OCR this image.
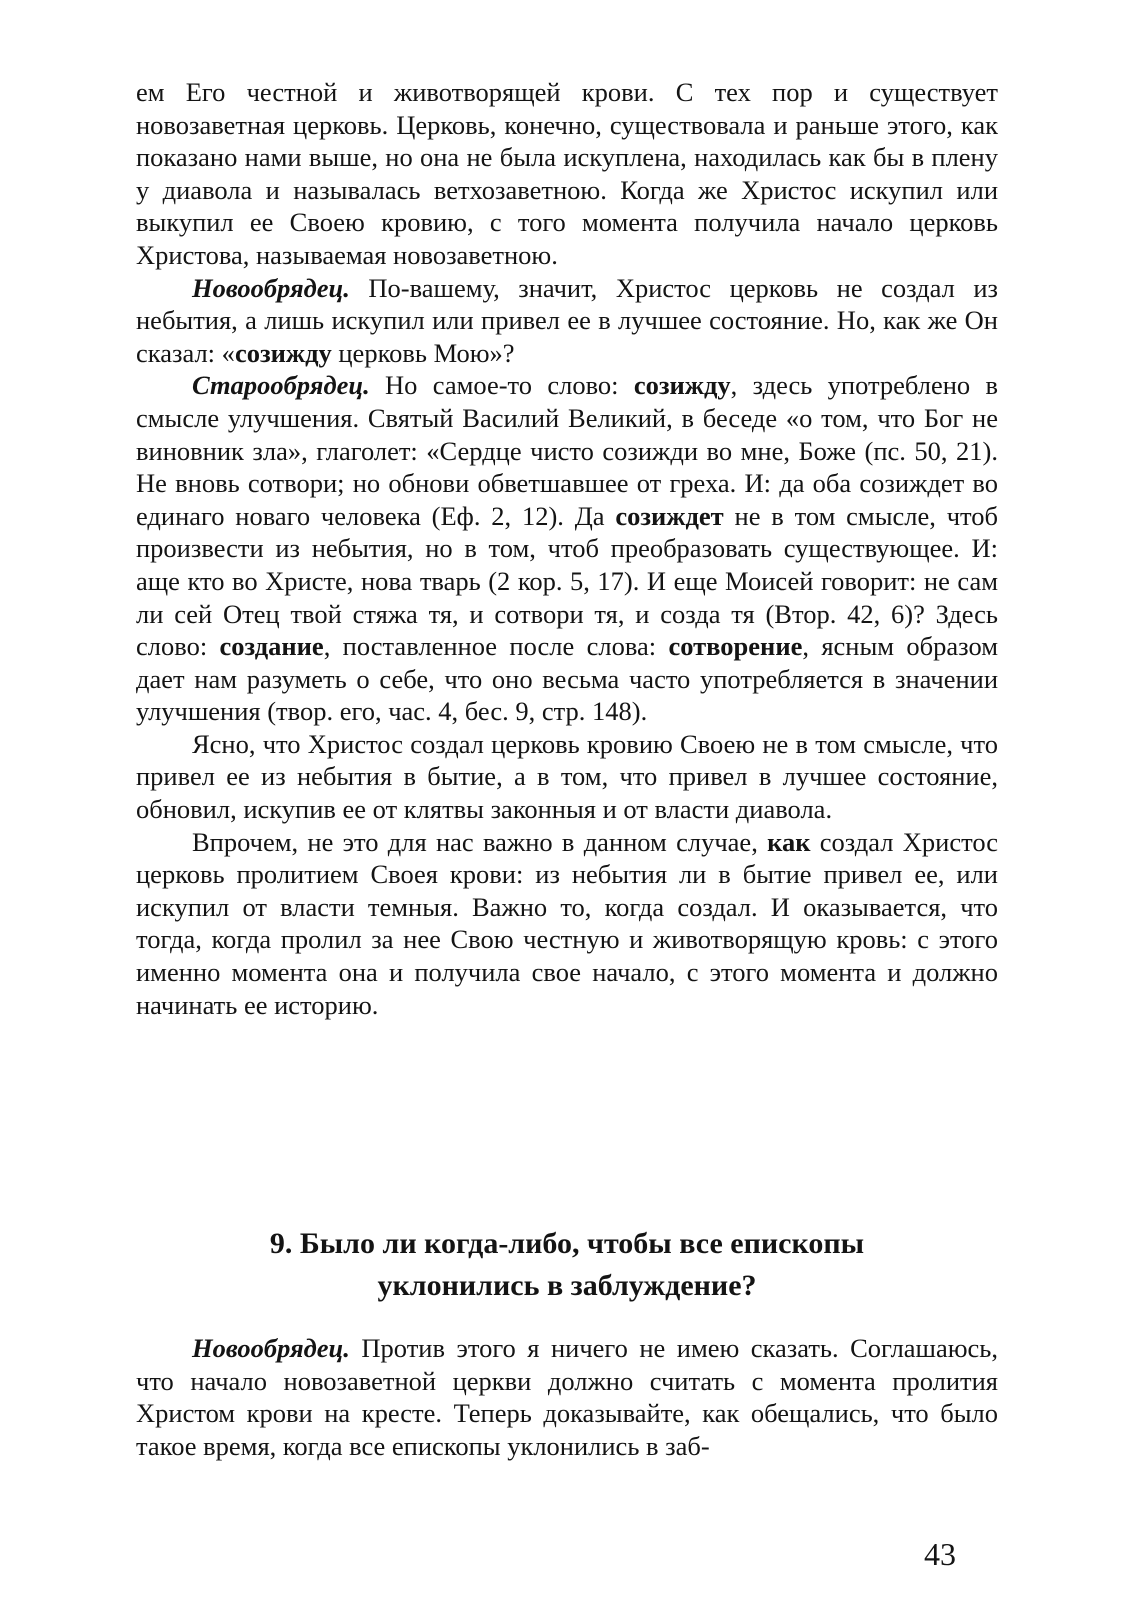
ем Его честной и животворящей крови. С тех пор и существует новозаветная церковь. Церковь, конечно, существовала и раньше этого, как показано нами выше, но она не была искуплена, находилась как бы в плену у диавола и называлась ветхозаветною. Когда же Христос искупил или выкупил ее Своею кровию, с того момента получила начало церковь Христова, называемая новозаветною.

Новообрядец. По-вашему, значит, Христос церковь не создал из небытия, а лишь искупил или привел ее в лучшее состояние. Но, как же Он сказал: «созижду церковь Мою»?

Старообрядец. Но самое-то слово: созижду, здесь употреблено в смысле улучшения. Святый Василий Великий, в беседе «о том, что Бог не виновник зла», глаголет: «Сердце чисто созижди во мне, Боже (пс. 50, 21). Не вновь сотвори; но обнови обветшавшее от греха. И: да оба созиждет во единаго новаго человека (Еф. 2, 12). Да созиждет не в том смысле, чтоб произвести из небытия, но в том, чтоб преобразовать существующее. И: аще кто во Христе, нова тварь (2 кор. 5, 17). И еще Моисей говорит: не сам ли сей Отец твой стяжа тя, и сотвори тя, и созда тя (Втор. 42, 6)? Здесь слово: создание, поставленное после слова: сотворение, ясным образом дает нам разуметь о себе, что оно весьма часто употребляется в значении улучшения (твор. его, час. 4, бес. 9, стр. 148).

Ясно, что Христос создал церковь кровию Своею не в том смысле, что привел ее из небытия в бытие, а в том, что привел в лучшее состояние, обновил, искупив ее от клятвы законныя и от власти диавола.

Впрочем, не это для нас важно в данном случае, как создал Христос церковь пролитием Своея крови: из небытия ли в бытие привел ее, или искупил от власти темныя. Важно то, когда создал. И оказывается, что тогда, когда пролил за нее Свою честную и животворящую кровь: с этого именно момента она и получила свое начало, с этого момента и должно начинать ее историю.

9. Было ли когда-либо, чтобы все епископы
уклонились в заблуждение?

Новообрядец. Против этого я ничего не имею сказать. Соглашаюсь, что начало новозаветной церкви должно считать с момента пролития Христом крови на кресте. Теперь доказывайте, как обещались, что было такое время, когда все епископы уклонились в заб-

43
